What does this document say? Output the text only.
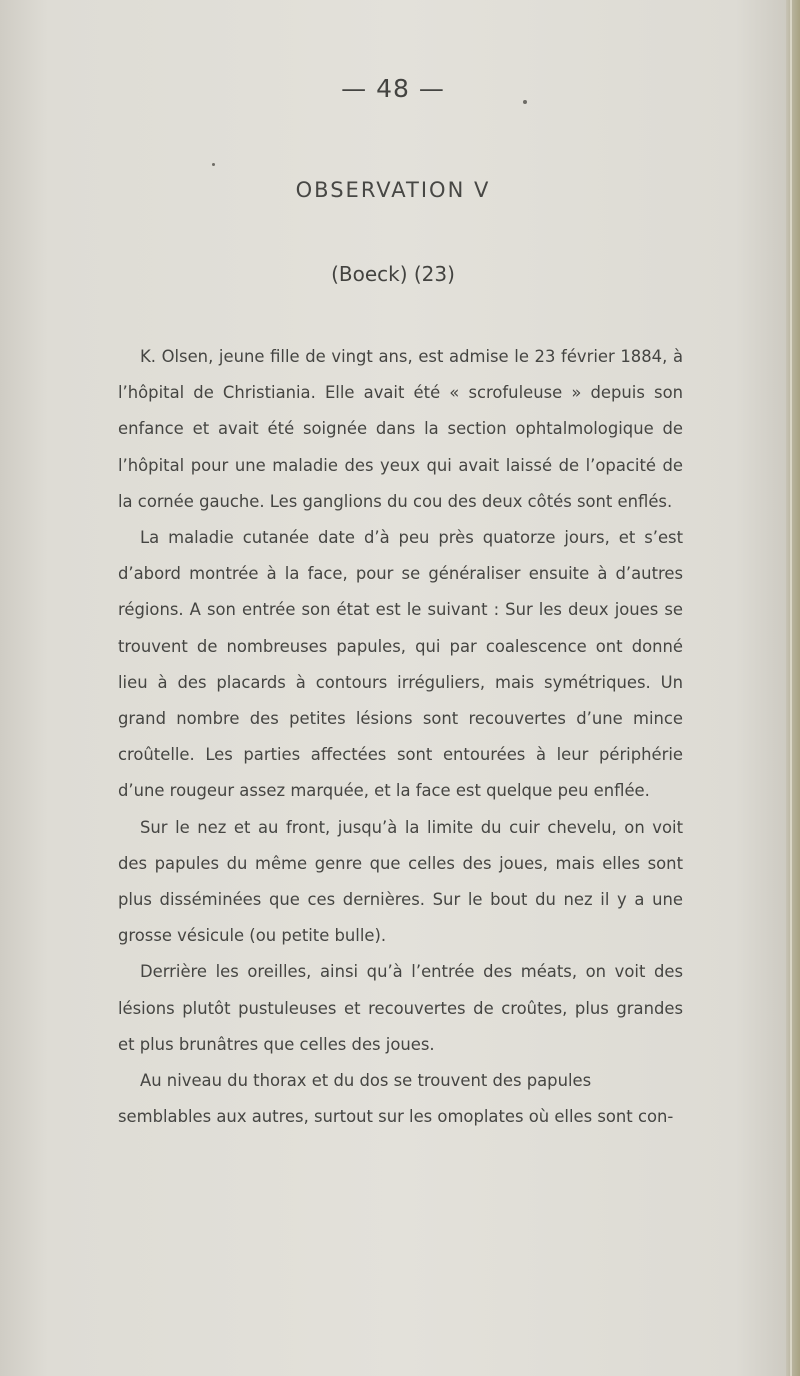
— 48 —
OBSERVATION V
(Boeck) (23)

K. Olsen, jeune fille de vingt ans, est admise le 23 février 1884, à l’hôpital de Christiania. Elle avait été « scrofuleuse » depuis son enfance et avait été soignée dans la section ophtalmologique de l’hôpital pour une maladie des yeux qui avait laissé de l’opacité de la cornée gauche. Les ganglions du cou des deux côtés sont enflés.

La maladie cutanée date d’à peu près quatorze jours, et s’est d’abord montrée à la face, pour se généraliser ensuite à d’autres régions. A son entrée son état est le suivant : Sur les deux joues se trouvent de nombreuses papules, qui par coalescence ont donné lieu à des placards à contours irréguliers, mais symétriques. Un grand nombre des petites lésions sont recouvertes d’une mince croûtelle. Les parties affectées sont entourées à leur périphérie d’une rougeur assez marquée, et la face est quelque peu enflée.

Sur le nez et au front, jusqu’à la limite du cuir chevelu, on voit des papules du même genre que celles des joues, mais elles sont plus disséminées que ces dernières. Sur le bout du nez il y a une grosse vésicule (ou petite bulle).

Derrière les oreilles, ainsi qu’à l’entrée des méats, on voit des lésions plutôt pustuleuses et recouvertes de croûtes, plus grandes et plus brunâtres que celles des joues.

Au niveau du thorax et du dos se trouvent des papules semblables aux autres, surtout sur les omoplates où elles sont con-
